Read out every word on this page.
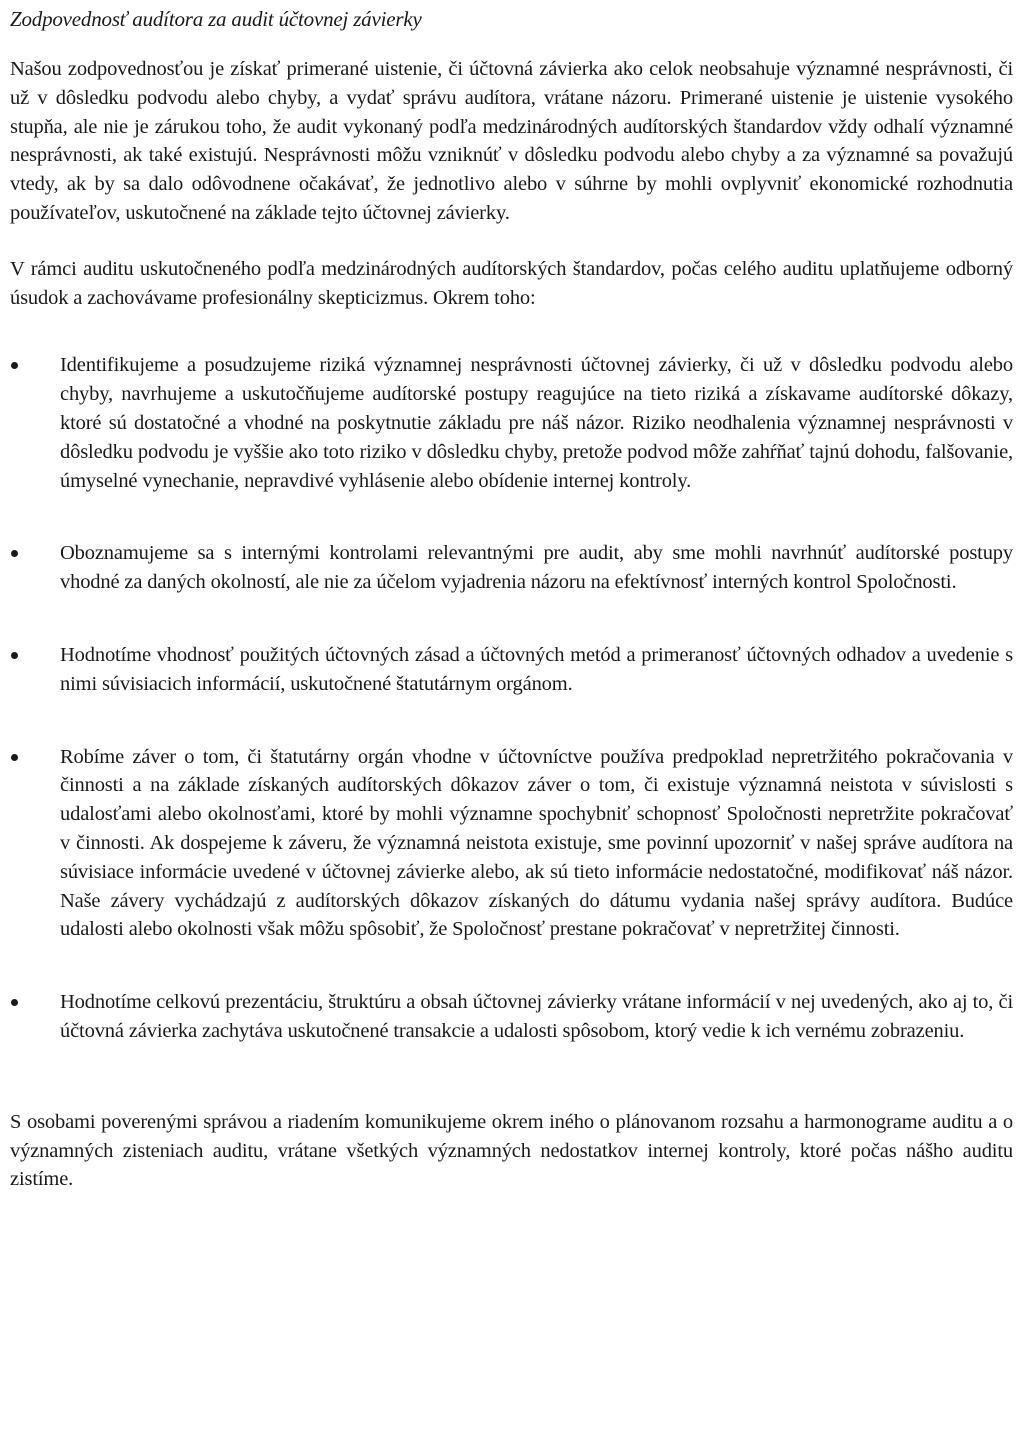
Zodpovednosť audítora za audit účtovnej závierky

Našou zodpovednosťou je získať primerané uistenie, či účtovná závierka ako celok neobsahuje významné nesprávnosti, či už v dôsledku podvodu alebo chyby, a vydať správu audítora, vrátane názoru. Primerané uistenie je uistenie vysokého stupňa, ale nie je zárukou toho, že audit vykonaný podľa medzinárodných audítorských štandardov vždy odhalí významné nesprávnosti, ak také existujú. Nesprávnosti môžu vzniknúť v dôsledku podvodu alebo chyby a za významné sa považujú vtedy, ak by sa dalo odôvodnene očakávať, že jednotlivo alebo v súhrne by mohli ovplyvniť ekonomické rozhodnutia používateľov, uskutočnené na základe tejto účtovnej závierky.

V rámci auditu uskutočneného podľa medzinárodných audítorských štandardov, počas celého auditu uplatňujeme odborný úsudok a zachovávame profesionálny skepticizmus. Okrem toho:

Identifikujeme a posudzujeme riziká významnej nesprávnosti účtovnej závierky, či už v dôsledku podvodu alebo chyby, navrhujeme a uskutočňujeme audítorské postupy reagujúce na tieto riziká a získavame audítorské dôkazy, ktoré sú dostatočné a vhodné na poskytnutie základu pre náš názor. Riziko neodhalenia významnej nesprávnosti v dôsledku podvodu je vyššie ako toto riziko v dôsledku chyby, pretože podvod môže zahŕňať tajnú dohodu, falšovanie, úmyselné vynechanie, nepravdivé vyhlásenie alebo obídenie internej kontroly.

Oboznamujeme sa s internými kontrolami relevantnými pre audit, aby sme mohli navrhnúť audítorské postupy vhodné za daných okolností, ale nie za účelom vyjadrenia názoru na efektívnosť interných kontrol Spoločnosti.

Hodnotíme vhodnosť použitých účtovných zásad a účtovných metód a primeranosť účtovných odhadov a uvedenie s nimi súvisiacich informácií, uskutočnené štatutárnym orgánom.

Robíme záver o tom, či štatutárny orgán vhodne v účtovníctve používa predpoklad nepretržitého pokračovania v činnosti a na základe získaných audítorských dôkazov záver o tom, či existuje významná neistota v súvislosti s udalosťami alebo okolnosťami, ktoré by mohli významne spochybniť schopnosť Spoločnosti nepretržite pokračovať v činnosti. Ak dospejeme k záveru, že významná neistota existuje, sme povinní upozorniť v našej správe audítora na súvisiace informácie uvedené v účtovnej závierke alebo, ak sú tieto informácie nedostatočné, modifikovať náš názor. Naše závery vychádzajú z audítorských dôkazov získaných do dátumu vydania našej správy audítora. Budúce udalosti alebo okolnosti však môžu spôsobiť, že Spoločnosť prestane pokračovať v nepretržitej činnosti.

Hodnotíme celkovú prezentáciu, štruktúru a obsah účtovnej závierky vrátane informácií v nej uvedených, ako aj to, či účtovná závierka zachytáva uskutočnené transakcie a udalosti spôsobom, ktorý vedie k ich vernému zobrazeniu.

S osobami poverenými správou a riadením komunikujeme okrem iného o plánovanom rozsahu a harmonograme auditu a o významných zisteniach auditu, vrátane všetkých významných nedostatkov internej kontroly, ktoré počas nášho auditu zistíme.
